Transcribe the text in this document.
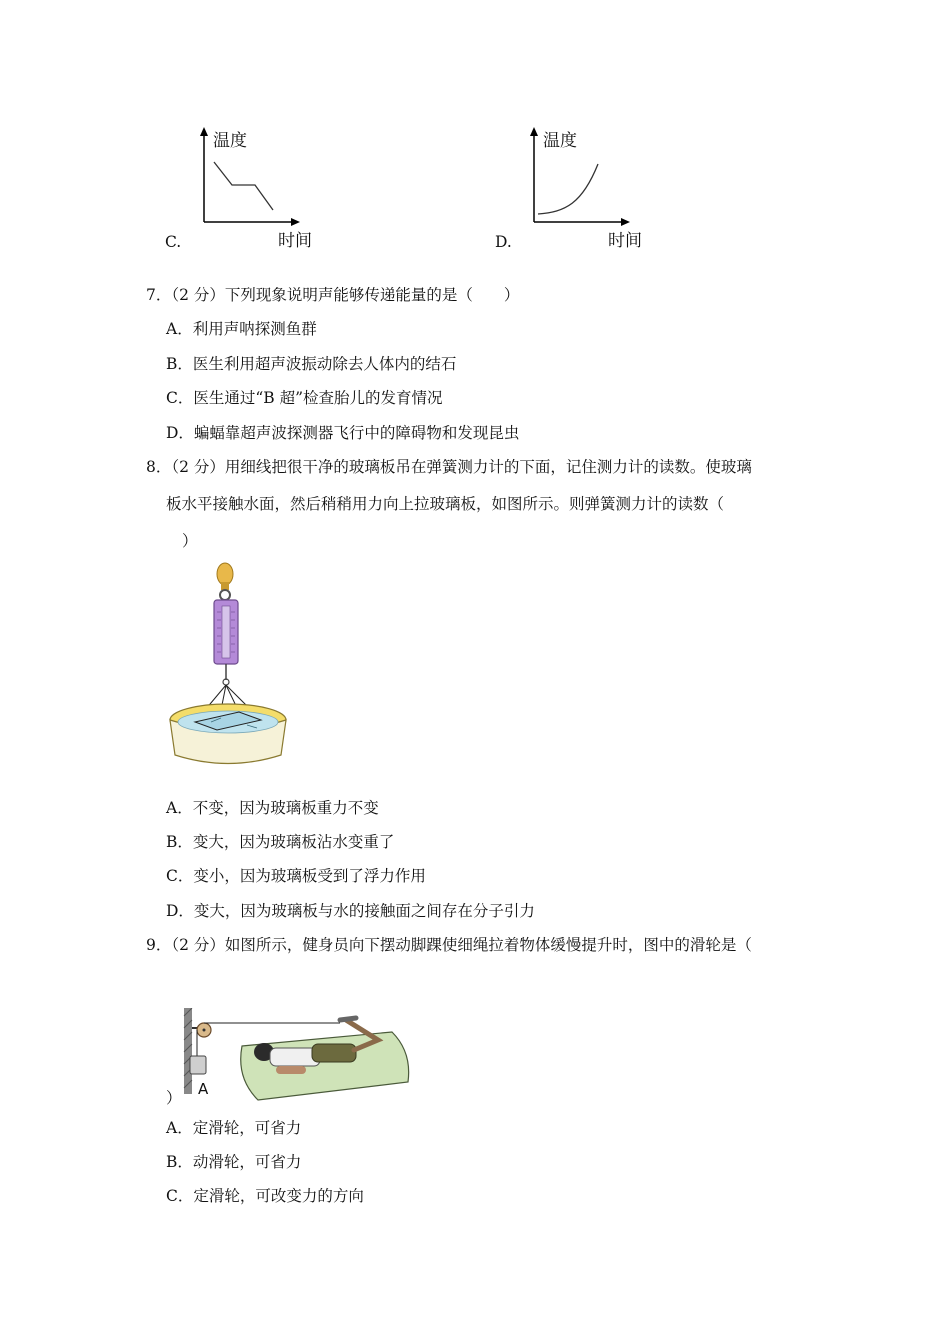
C.
温度
时间	D.
温度
时间
7．（2 分）下列现象说明声能够传递能量的是（　　）
A．利用声呐探测鱼群
B．医生利用超声波振动除去人体内的结石
C．医生通过“B 超”检查胎儿的发育情况
D．蝙蝠靠超声波探测器飞行中的障碍物和发现昆虫
8．（2 分）用细线把很干净的玻璃板吊在弹簧测力计的下面，记住测力计的读数。使玻璃
板水平接触水面，然后稍稍用力向上拉玻璃板，如图所示。则弹簧测力计的读数（
）
A．不变，因为玻璃板重力不变
B．变大，因为玻璃板沾水变重了
C．变小，因为玻璃板受到了浮力作用
D．变大，因为玻璃板与水的接触面之间存在分子引力
9．（2 分）如图所示，健身员向下摆动脚踝使细绳拉着物体缓慢提升时，图中的滑轮是（
A
）
A．定滑轮，可省力
B．动滑轮，可省力
C．定滑轮，可改变力的方向
